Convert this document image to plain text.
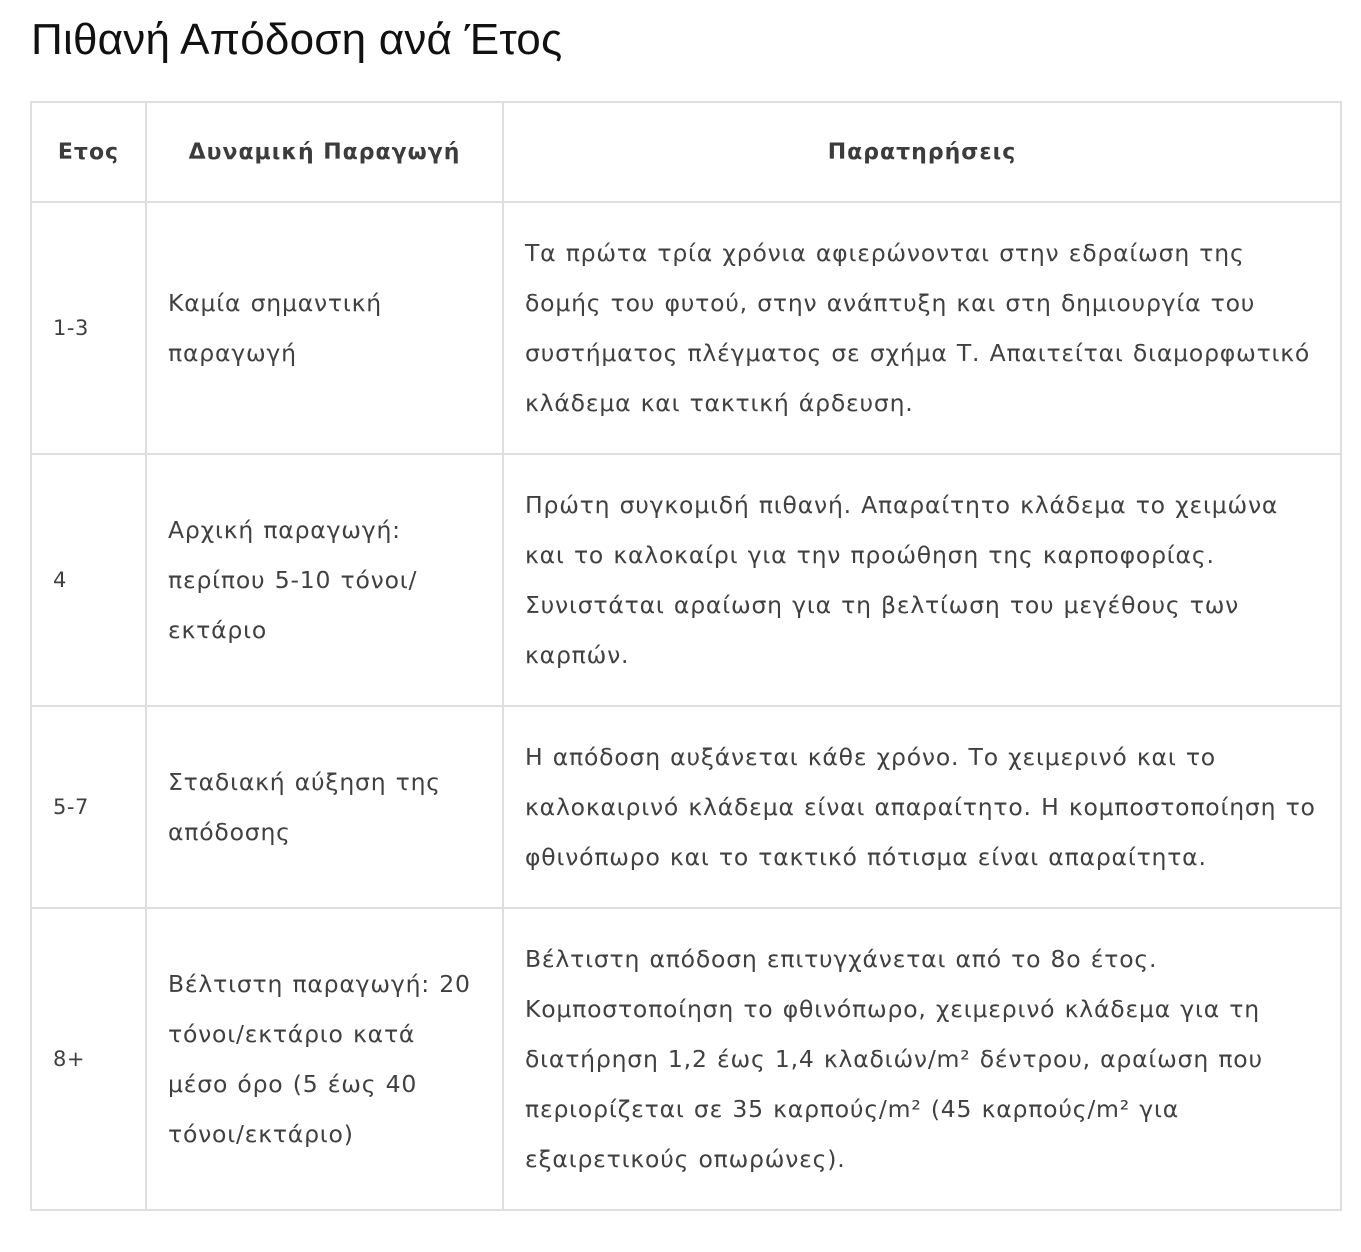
Πιθανή Απόδοση ανά Έτος
Ετος	Δυναμική Παραγωγή	Παρατηρήσεις
1-3	Καμία σημαντική παραγωγή	Τα πρώτα τρία χρόνια αφιερώνονται στην εδραίωση της δομής του φυτού, στην ανάπτυξη και στη δημιουργία του συστήματος πλέγματος σε σχήμα Τ. Απαιτείται διαμορφωτικό κλάδεμα και τακτική άρδευση.
4	Αρχική παραγωγή: περίπου 5-10 τόνοι/ εκτάριο	Πρώτη συγκομιδή πιθανή. Απαραίτητο κλάδεμα το χειμώνα και το καλοκαίρι για την προώθηση της καρποφορίας. Συνιστάται αραίωση για τη βελτίωση του μεγέθους των καρπών.
5-7	Σταδιακή αύξηση της απόδοσης	Η απόδοση αυξάνεται κάθε χρόνο. Το χειμερινό και το καλοκαιρινό κλάδεμα είναι απαραίτητο. Η κομποστοποίηση το φθινόπωρο και το τακτικό πότισμα είναι απαραίτητα.
8+	Βέλτιστη παραγωγή: 20 τόνοι/εκτάριο κατά μέσο όρο (5 έως 40 τόνοι/εκτάριο)	Βέλτιστη απόδοση επιτυγχάνεται από το 8ο έτος. Κομποστοποίηση το φθινόπωρο, χειμερινό κλάδεμα για τη διατήρηση 1,2 έως 1,4 κλαδιών/m² δέντρου, αραίωση που περιορίζεται σε 35 καρπούς/m² (45 καρπούς/m² για εξαιρετικούς οπωρώνες).
